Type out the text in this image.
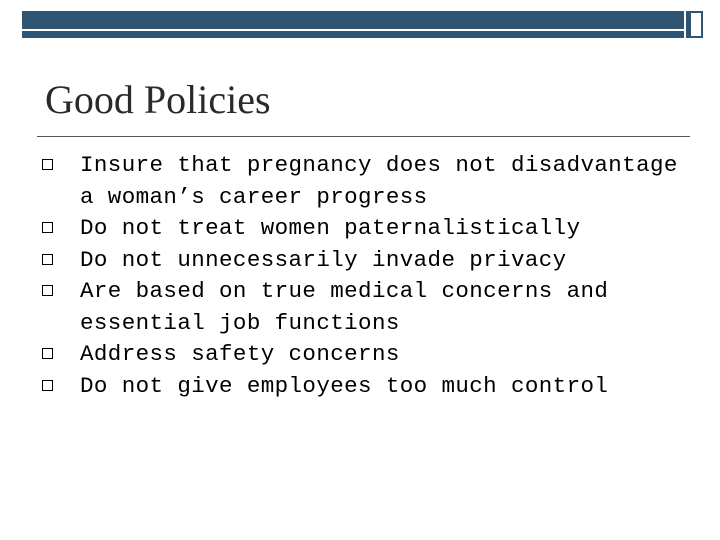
Good Policies
Insure that pregnancy does not disadvantage a woman’s career progress
Do not treat women paternalistically
Do not unnecessarily invade privacy
Are based on true medical concerns and essential job functions
Address safety concerns
Do not give employees too much control
